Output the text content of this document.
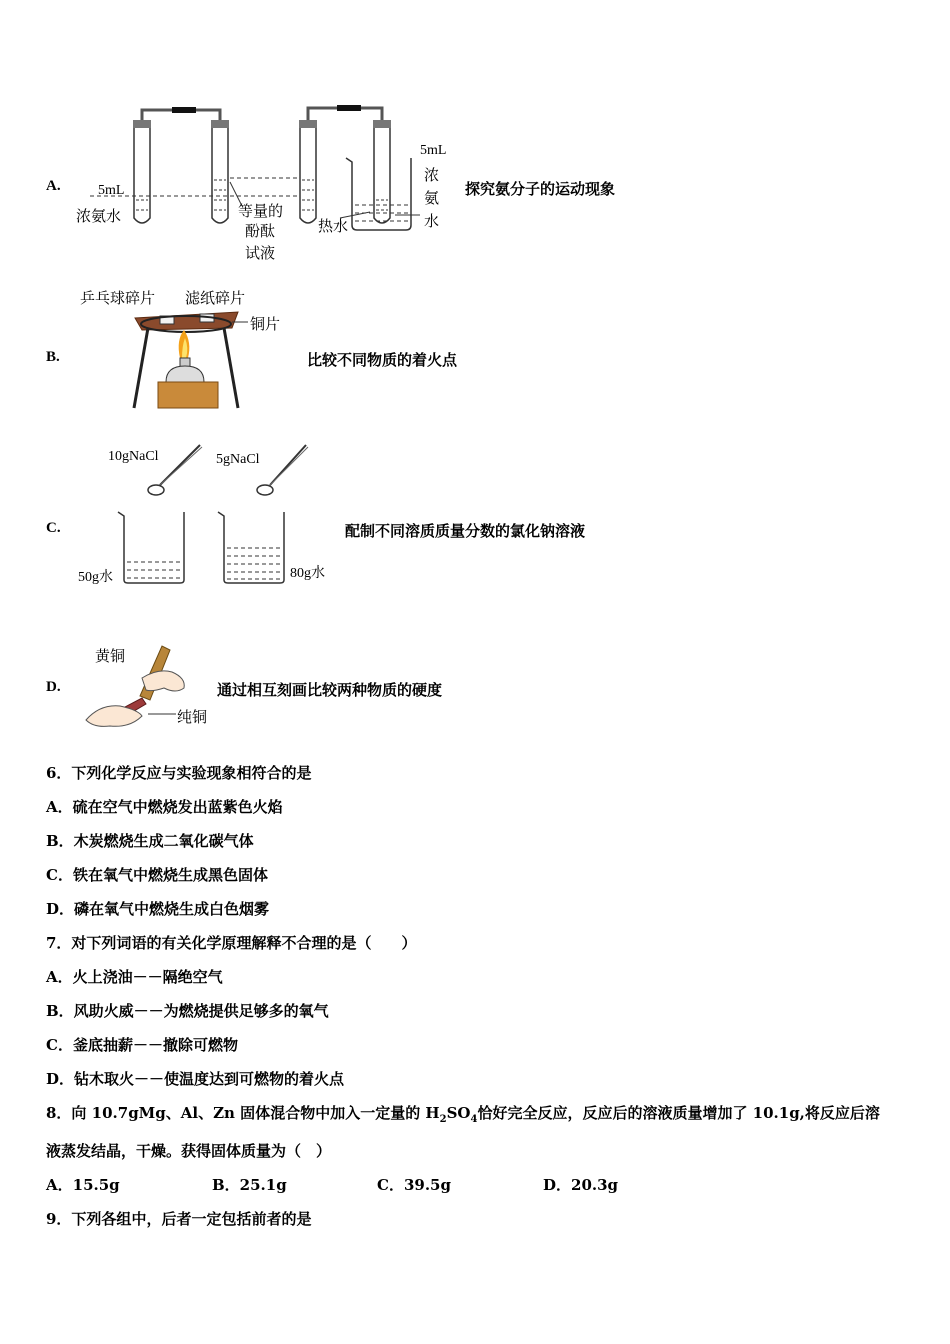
A.	5mL
浓氨水	等量的
酚酞
试液
热水
5mL
浓
氨
水
探究氨分子的运动现象
B.
乒乓球碎片 滤纸碎片
铜片
比较不同物质的着火点
C.
10gNaCl	5gNaCl
50g水	80g水
配制不同溶质质量分数的氯化钠溶液
D.
黄铜
纯铜
通过相互刻画比较两种物质的硬度
6．下列化学反应与实验现象相符合的是
A．硫在空气中燃烧发出蓝紫色火焰
B．木炭燃烧生成二氧化碳气体
C．铁在氧气中燃烧生成黑色固体
D．磷在氧气中燃烧生成白色烟雾
7．对下列词语的有关化学原理解释不合理的是（　　）
A．火上浇油－－隔绝空气
B．风助火威－－为燃烧提供足够多的氧气
C．釜底抽薪－－撤除可燃物
D．钻木取火－－使温度达到可燃物的着火点
8．向 10.7gMg、Al、Zn 固体混合物中加入一定量的 $H_2SO_4$恰好完全反应，反应后的溶液质量增加了 10.1g,将反应后溶
液蒸发结晶，干燥。获得固体质量为（　）
A．15.5g	B．25.1g	C．39.5g	D．20.3g
9．下列各组中，后者一定包括前者的是
